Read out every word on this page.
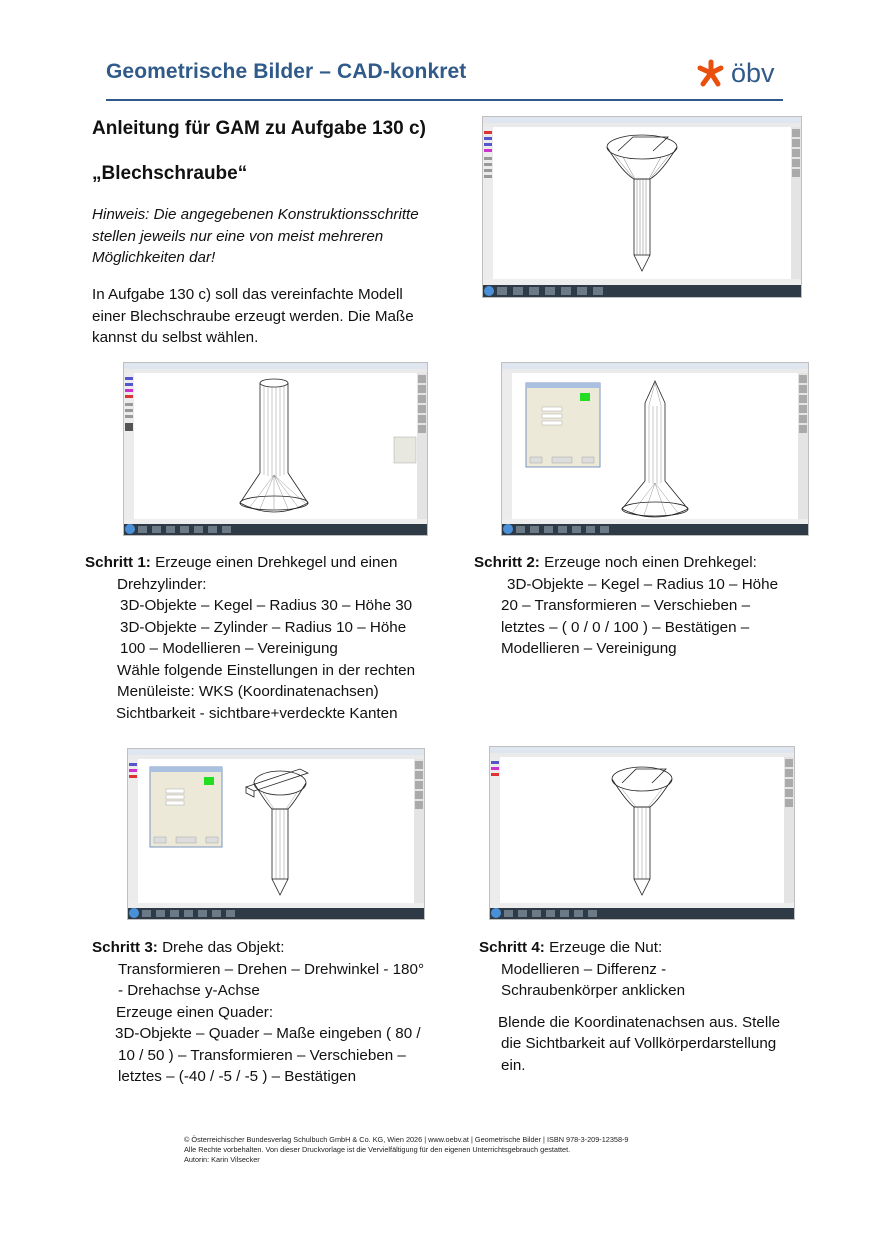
Geometrische Bilder – CAD-konkret	öbv
Anleitung für GAM zu Aufgabe 130 c)
„Blechschraube“
Hinweis: Die angegebenen Konstruktionsschritte
stellen jeweils nur eine von meist mehreren
Möglichkeiten dar!
In Aufgabe 130 c) soll das vereinfachte Modell
einer Blechschraube erzeugt werden. Die Maße
kannst du selbst wählen.
Schritt 1: Erzeuge einen Drehkegel und einen
Drehzylinder:
3D-Objekte – Kegel – Radius 30 – Höhe 30
3D-Objekte – Zylinder – Radius 10 – Höhe
100 – Modellieren – Vereinigung
Wähle folgende Einstellungen in der rechten
Menüleiste: WKS (Koordinatenachsen)
Sichtbarkeit - sichtbare+verdeckte Kanten
Schritt 2: Erzeuge noch einen Drehkegel:
3D-Objekte – Kegel – Radius 10 – Höhe
20 – Transformieren – Verschieben –
letztes – ( 0 / 0 / 100 ) – Bestätigen –
Modellieren – Vereinigung
Schritt 3: Drehe das Objekt:
Transformieren – Drehen – Drehwinkel - 180°
- Drehachse y-Achse
Erzeuge einen Quader:
3D-Objekte – Quader – Maße eingeben ( 80 /
10 / 50 ) – Transformieren – Verschieben –
letztes – (-40 / -5 / -5 ) – Bestätigen
Schritt 4: Erzeuge die Nut:
Modellieren – Differenz -
Schraubenkörper anklicken
Blende die Koordinatenachsen aus. Stelle
die Sichtbarkeit auf Vollkörperdarstellung
ein.
© Österreichischer Bundesverlag Schulbuch GmbH & Co. KG, Wien 2026 | www.oebv.at | Geometrische Bilder | ISBN 978-3-209-12358-9
Alle Rechte vorbehalten. Von dieser Druckvorlage ist die Vervielfältigung für den eigenen Unterrichtsgebrauch gestattet.
Autorin: Karin Vilsecker
